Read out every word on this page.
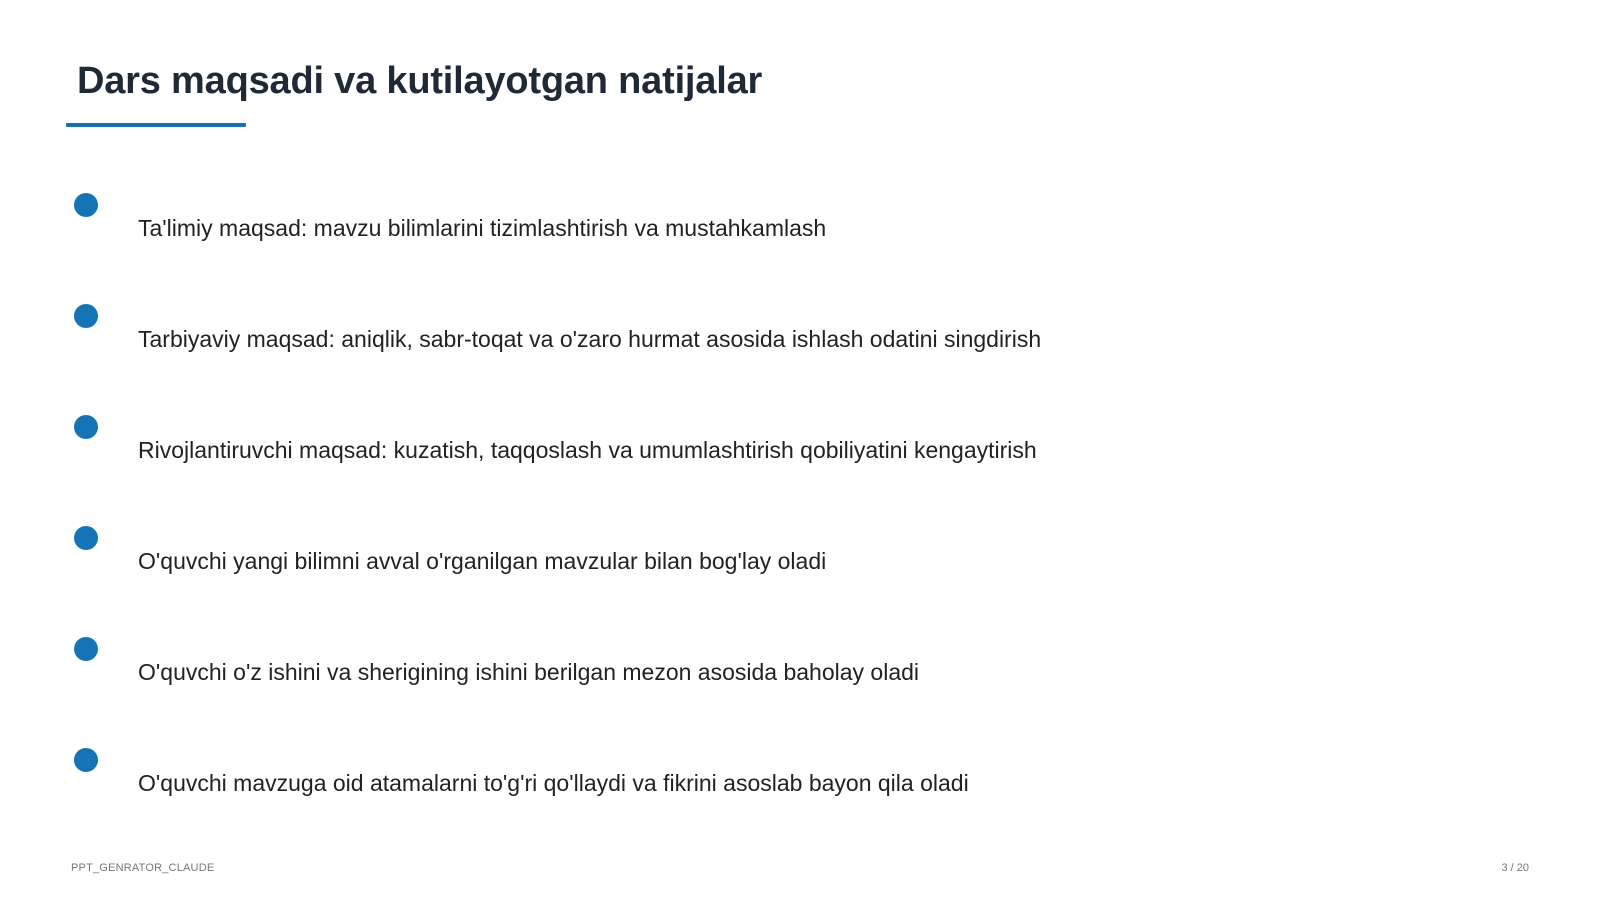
Dars maqsadi va kutilayotgan natijalar
Ta'limiy maqsad: mavzu bilimlarini tizimlashtirish va mustahkamlash
Tarbiyaviy maqsad: aniqlik, sabr-toqat va o'zaro hurmat asosida ishlash odatini singdirish
Rivojlantiruvchi maqsad: kuzatish, taqqoslash va umumlashtirish qobiliyatini kengaytirish
O'quvchi yangi bilimni avval o'rganilgan mavzular bilan bog'lay oladi
O'quvchi o'z ishini va sherigining ishini berilgan mezon asosida baholay oladi
O'quvchi mavzuga oid atamalarni to'g'ri qo'llaydi va fikrini asoslab bayon qila oladi
PPT_GENRATOR_CLAUDE	3 / 20
